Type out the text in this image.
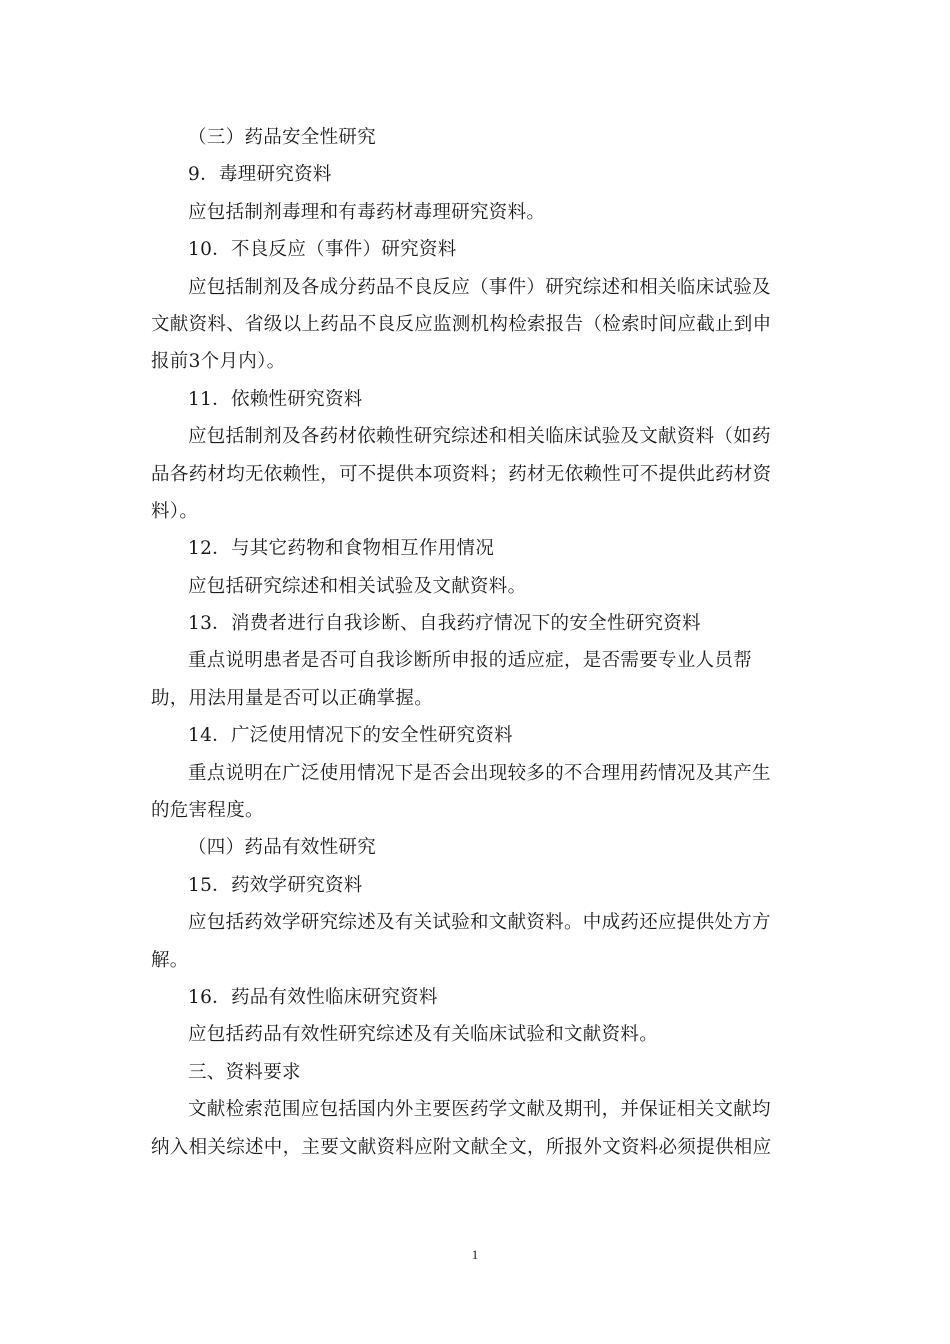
（三）药品安全性研究
9．毒理研究资料
应包括制剂毒理和有毒药材毒理研究资料。
10．不良反应（事件）研究资料
应包括制剂及各成分药品不良反应（事件）研究综述和相关临床试验及
文献资料、省级以上药品不良反应监测机构检索报告（检索时间应截止到申
报前3个月内）。
11．依赖性研究资料
应包括制剂及各药材依赖性研究综述和相关临床试验及文献资料（如药
品各药材均无依赖性，可不提供本项资料；药材无依赖性可不提供此药材资
料）。
12．与其它药物和食物相互作用情况
应包括研究综述和相关试验及文献资料。
13．消费者进行自我诊断、自我药疗情况下的安全性研究资料
重点说明患者是否可自我诊断所申报的适应症，是否需要专业人员帮
助，用法用量是否可以正确掌握。
14．广泛使用情况下的安全性研究资料
重点说明在广泛使用情况下是否会出现较多的不合理用药情况及其产生
的危害程度。
（四）药品有效性研究
15．药效学研究资料
应包括药效学研究综述及有关试验和文献资料。中成药还应提供处方方
解。
16．药品有效性临床研究资料
应包括药品有效性研究综述及有关临床试验和文献资料。
三、资料要求
文献检索范围应包括国内外主要医药学文献及期刊，并保证相关文献均
纳入相关综述中，主要文献资料应附文献全文，所报外文资料必须提供相应
1
